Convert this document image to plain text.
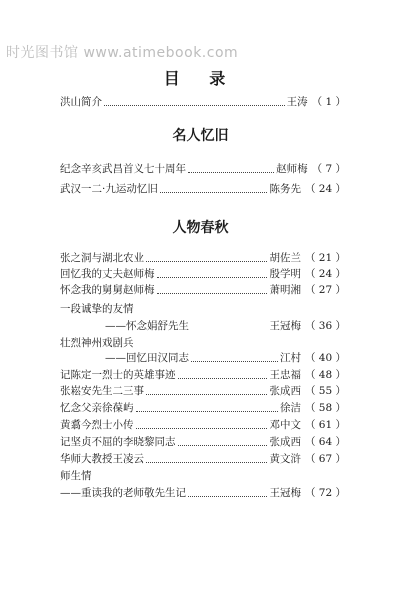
时光图书馆 www.atimebook.com
目 录
洪山简介	王涛 （ 1 ）
名人忆旧
纪念辛亥武昌首义七十周年	赵师梅 （ 7 ）
武汉一二·九运动忆旧	陈务先 （ 24 ）
人物春秋
张之洞与湖北农业	胡佐兰 （ 21 ）
回忆我的丈夫赵师梅	殷学明 （ 24 ）
怀念我的舅舅赵师梅	萧明湘 （ 27 ）
一段诚挚的友情
——怀念娟舒先生	王冠梅 （ 36 ）
壮烈神州戏剧兵
——回忆田汉同志	江村 （ 40 ）
记陈定一烈士的英雄事迹	王忠福 （ 48 ）
张崧安先生二三事	张成西 （ 55 ）
忆念父亲徐葆屿	徐洁 （ 58 ）
黄翥今烈士小传	邓中文 （ 61 ）
记坚贞不屈的李晓黎同志	张成西 （ 64 ）
华师大教授王凌云	黄文浒 （ 67 ）
师生情
——重读我的老师敬先生记	王冠梅 （ 72 ）
